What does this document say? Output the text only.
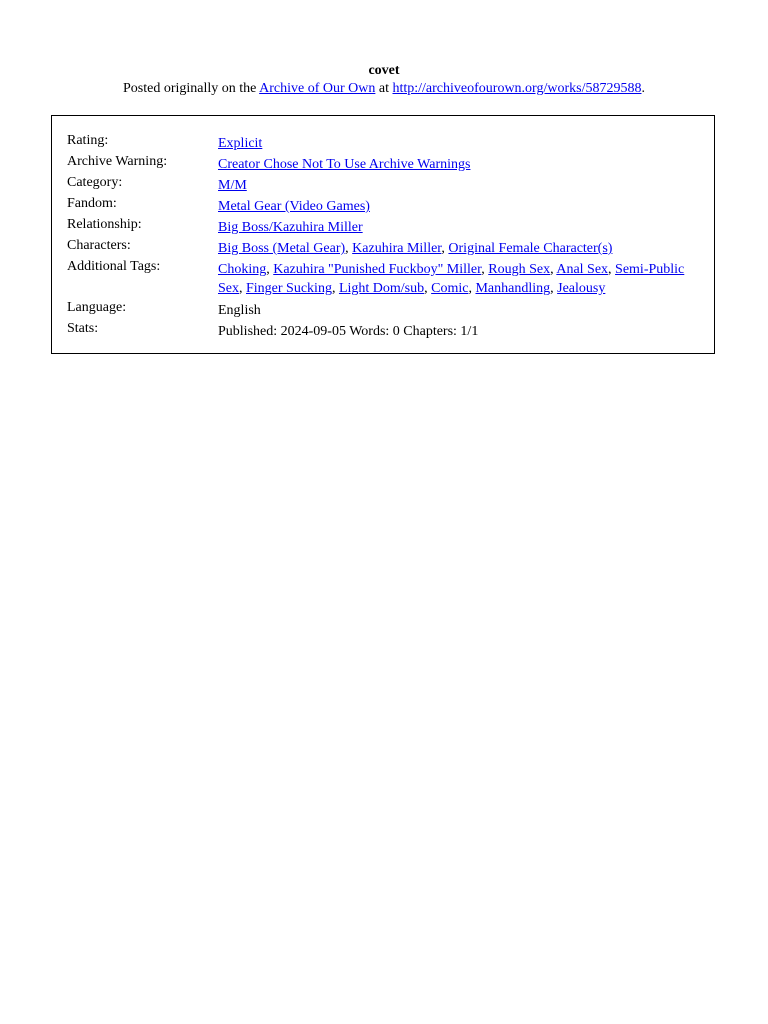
covet
Posted originally on the Archive of Our Own at http://archiveofourown.org/works/58729588.
Rating:	Explicit
Archive Warning:	Creator Chose Not To Use Archive Warnings
Category:	M/M
Fandom:	Metal Gear (Video Games)
Relationship:	Big Boss/Kazuhira Miller
Characters:	Big Boss (Metal Gear), Kazuhira Miller, Original Female Character(s)
Additional Tags:	Choking, Kazuhira "Punished Fuckboy" Miller, Rough Sex, Anal Sex, Semi-Public Sex, Finger Sucking, Light Dom/sub, Comic, Manhandling, Jealousy
Language:	English
Stats:	Published: 2024-09-05 Words: 0 Chapters: 1/1
